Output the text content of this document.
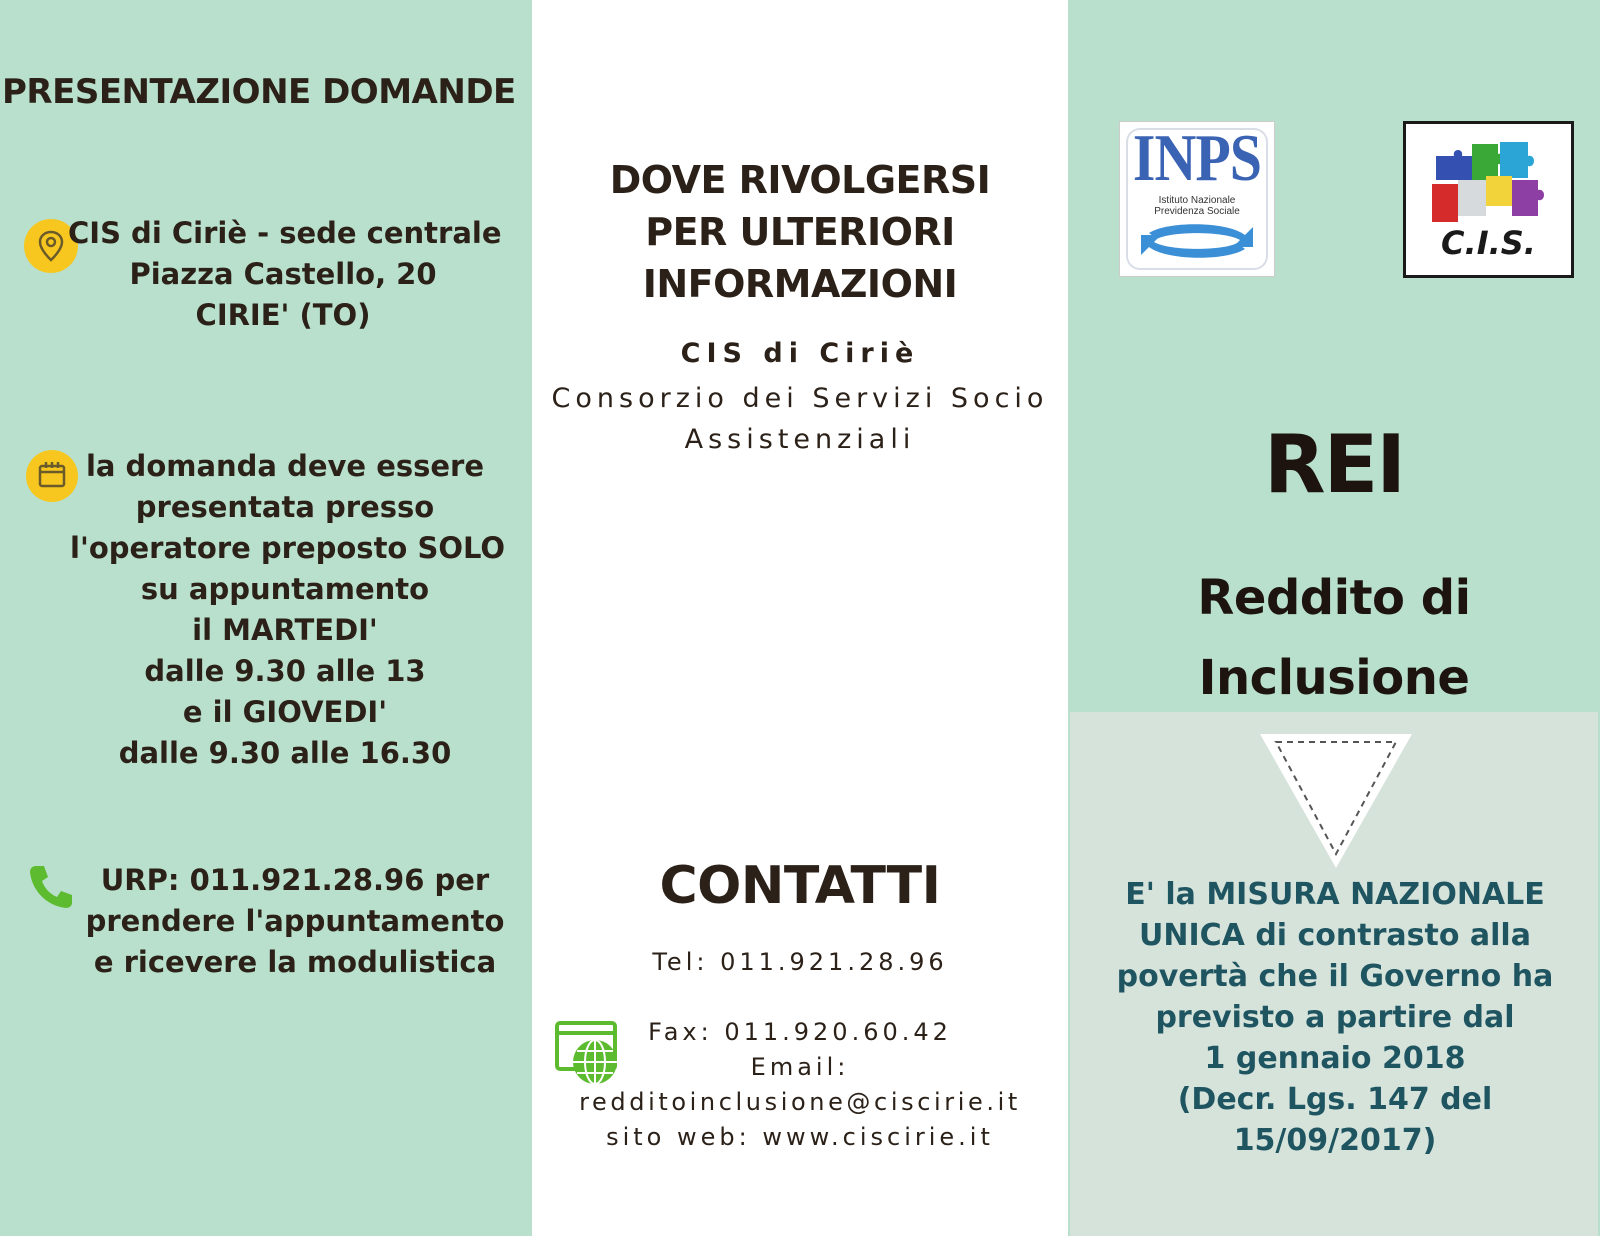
PRESENTAZIONE DOMANDE
CIS di Ciriè - sede centrale
Piazza Castello, 20
CIRIE' (TO)
la domanda deve essere
presentata presso
l'operatore preposto SOLO
su appuntamento
il MARTEDI'
dalle 9.30 alle 13
e il GIOVEDI'
dalle 9.30 alle 16.30
URP: 011.921.28.96 per
prendere l'appuntamento
e ricevere la modulistica
DOVE RIVOLGERSI
PER ULTERIORI
INFORMAZIONI
CIS di Ciriè
Consorzio dei Servizi Socio
Assistenziali
CONTATTI
Tel: 011.921.28.96
Fax: 011.920.60.42
Email:
redditoinclusione@ciscirie.it
sito web: www.ciscirie.it
INPS
Istituto Nazionale
Previdenza Sociale
C.I.S.
REI
Reddito di
Inclusione
E' la MISURA NAZIONALE
UNICA di contrasto alla
povertà che il Governo ha
previsto a partire dal
1 gennaio 2018
(Decr. Lgs. 147 del
15/09/2017)
